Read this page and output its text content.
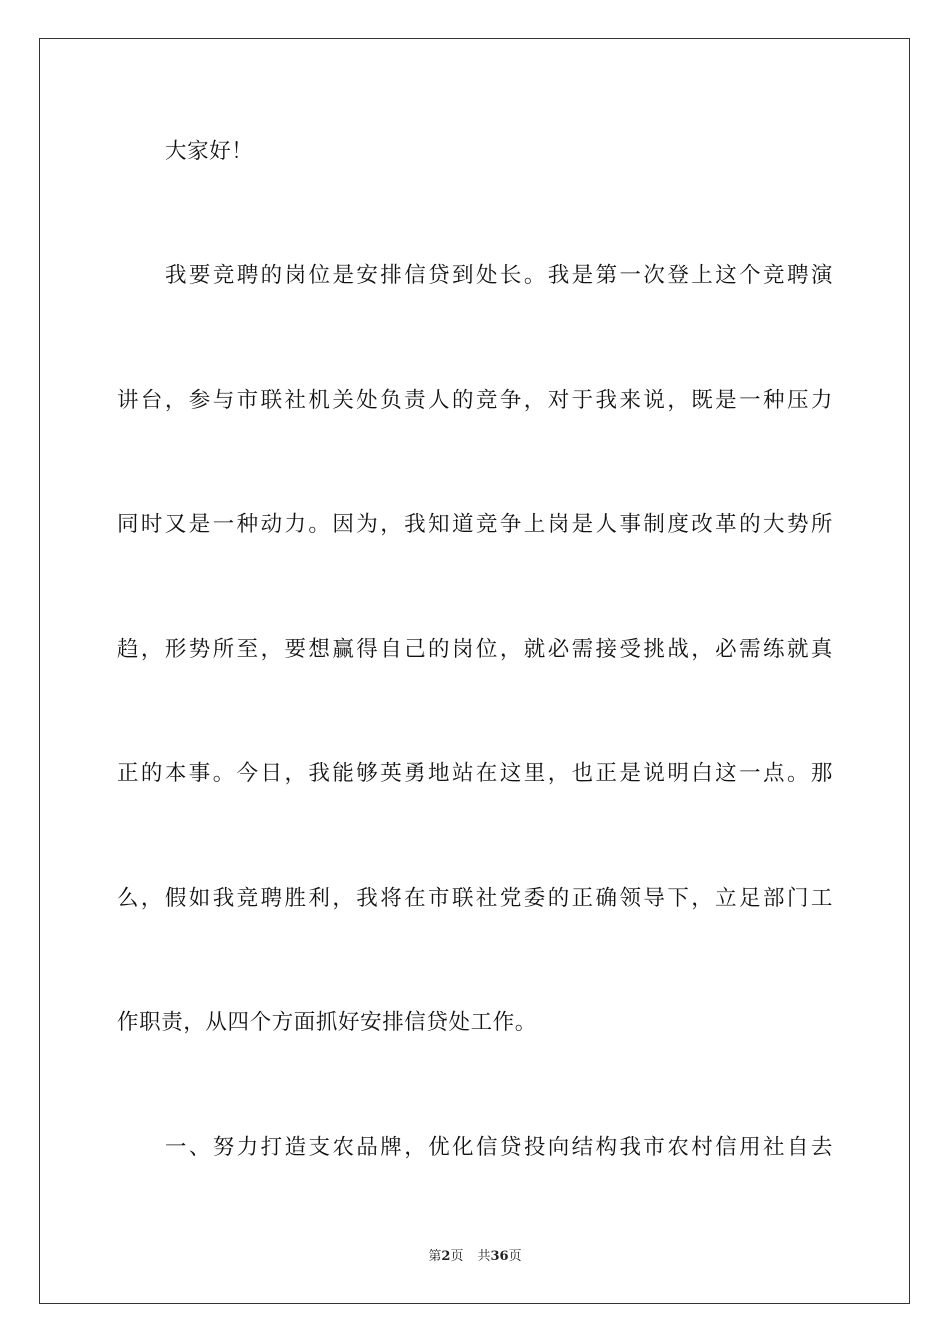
大家好！
我要竞聘的岗位是安排信贷到处长。我是第一次登上这个竞聘演
讲台，参与市联社机关处负责人的竞争，对于我来说，既是一种压力
同时又是一种动力。因为，我知道竞争上岗是人事制度改革的大势所
趋，形势所至，要想赢得自己的岗位，就必需接受挑战，必需练就真
正的本事。今日，我能够英勇地站在这里，也正是说明白这一点。那
么，假如我竞聘胜利，我将在市联社党委的正确领导下，立足部门工
作职责，从四个方面抓好安排信贷处工作。
一、努力打造支农品牌，优化信贷投向结构我市农村信用社自去
第2页 共36页
